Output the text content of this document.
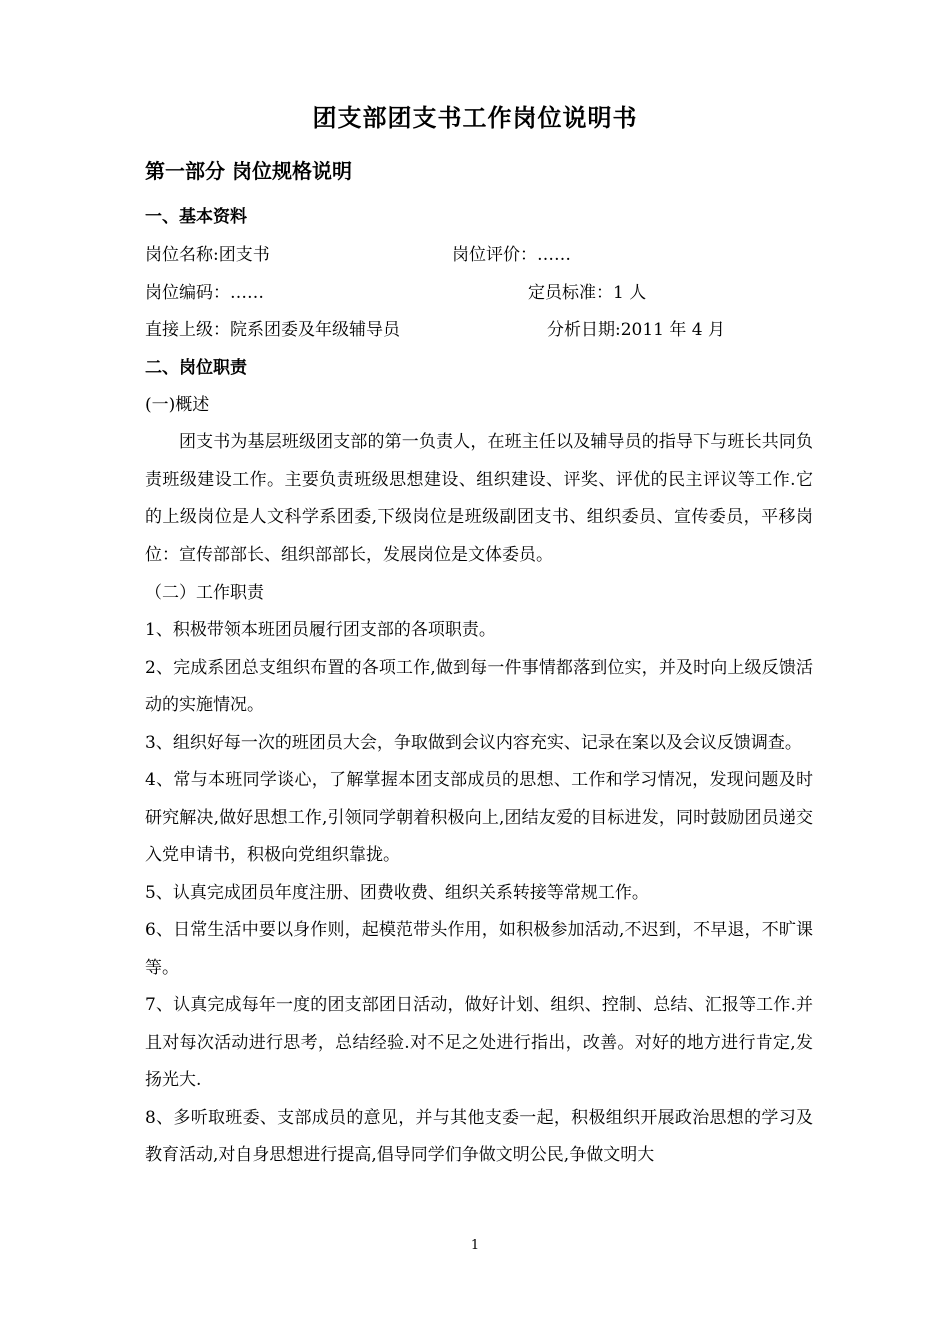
团支部团支书工作岗位说明书
第一部分 岗位规格说明
一、基本资料
岗位名称:团支书	岗位评价：……
岗位编码：……	定员标准：1 人
直接上级：院系团委及年级辅导员	分析日期:2011 年 4 月
二、岗位职责
(一)概述

团支书为基层班级团支部的第一负责人，在班主任以及辅导员的指导下与班长共同负责班级建设工作。主要负责班级思想建设、组织建设、评奖、评优的民主评议等工作.它的上级岗位是人文科学系团委,下级岗位是班级副团支书、组织委员、宣传委员，平移岗位：宣传部部长、组织部部长，发展岗位是文体委员。

（二）工作职责

1、积极带领本班团员履行团支部的各项职责。

2、完成系团总支组织布置的各项工作,做到每一件事情都落到位实，并及时向上级反馈活动的实施情况。

3、组织好每一次的班团员大会，争取做到会议内容充实、记录在案以及会议反馈调查。

4、常与本班同学谈心，了解掌握本团支部成员的思想、工作和学习情况，发现问题及时研究解决,做好思想工作,引领同学朝着积极向上,团结友爱的目标进发，同时鼓励团员递交入党申请书，积极向党组织靠拢。

5、认真完成团员年度注册、团费收费、组织关系转接等常规工作。

6、日常生活中要以身作则，起模范带头作用，如积极参加活动,不迟到，不早退，不旷课等。

7、认真完成每年一度的团支部团日活动，做好计划、组织、控制、总结、汇报等工作.并且对每次活动进行思考，总结经验.对不足之处进行指出，改善。对好的地方进行肯定,发扬光大.

8、多听取班委、支部成员的意见，并与其他支委一起，积极组织开展政治思想的学习及教育活动,对自身思想进行提高,倡导同学们争做文明公民,争做文明大

1
